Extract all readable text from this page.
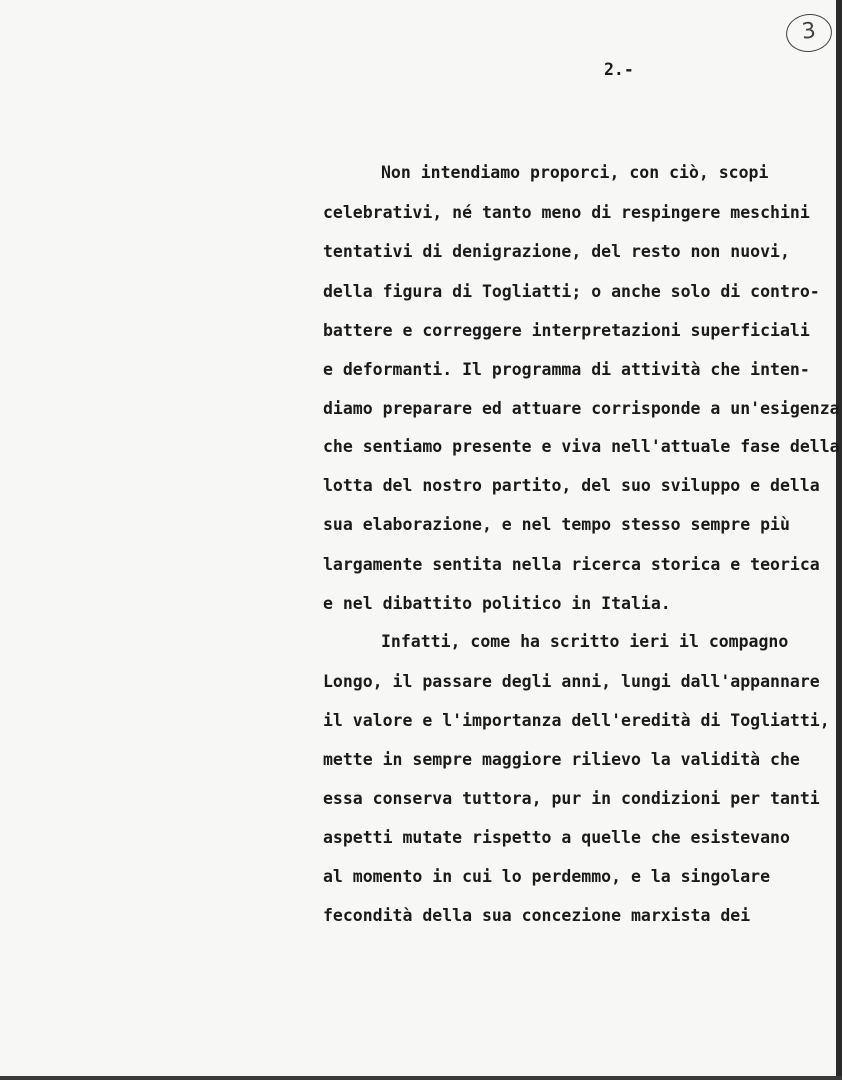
3
2.-
Non intendiamo proporci, con ciò, scopi
celebrativi, né tanto meno di respingere meschini
tentativi di denigrazione, del resto non nuovi,
della figura di Togliatti; o anche solo di contro-
battere e correggere interpretazioni superficiali
e deformanti. Il programma di attività che inten-
diamo preparare ed attuare corrisponde a un'esigenza
che sentiamo presente e viva nell'attuale fase della
lotta del nostro partito, del suo sviluppo e della
sua elaborazione, e nel tempo stesso sempre più
largamente sentita nella ricerca storica e teorica
e nel dibattito politico in Italia.
Infatti, come ha scritto ieri il compagno
Longo, il passare degli anni, lungi dall'appannare
il valore e l'importanza dell'eredità di Togliatti,
mette in sempre maggiore rilievo la validità che
essa conserva tuttora, pur in condizioni per tanti
aspetti mutate rispetto a quelle che esistevano
al momento in cui lo perdemmo, e la singolare
fecondità della sua concezione marxista dei
